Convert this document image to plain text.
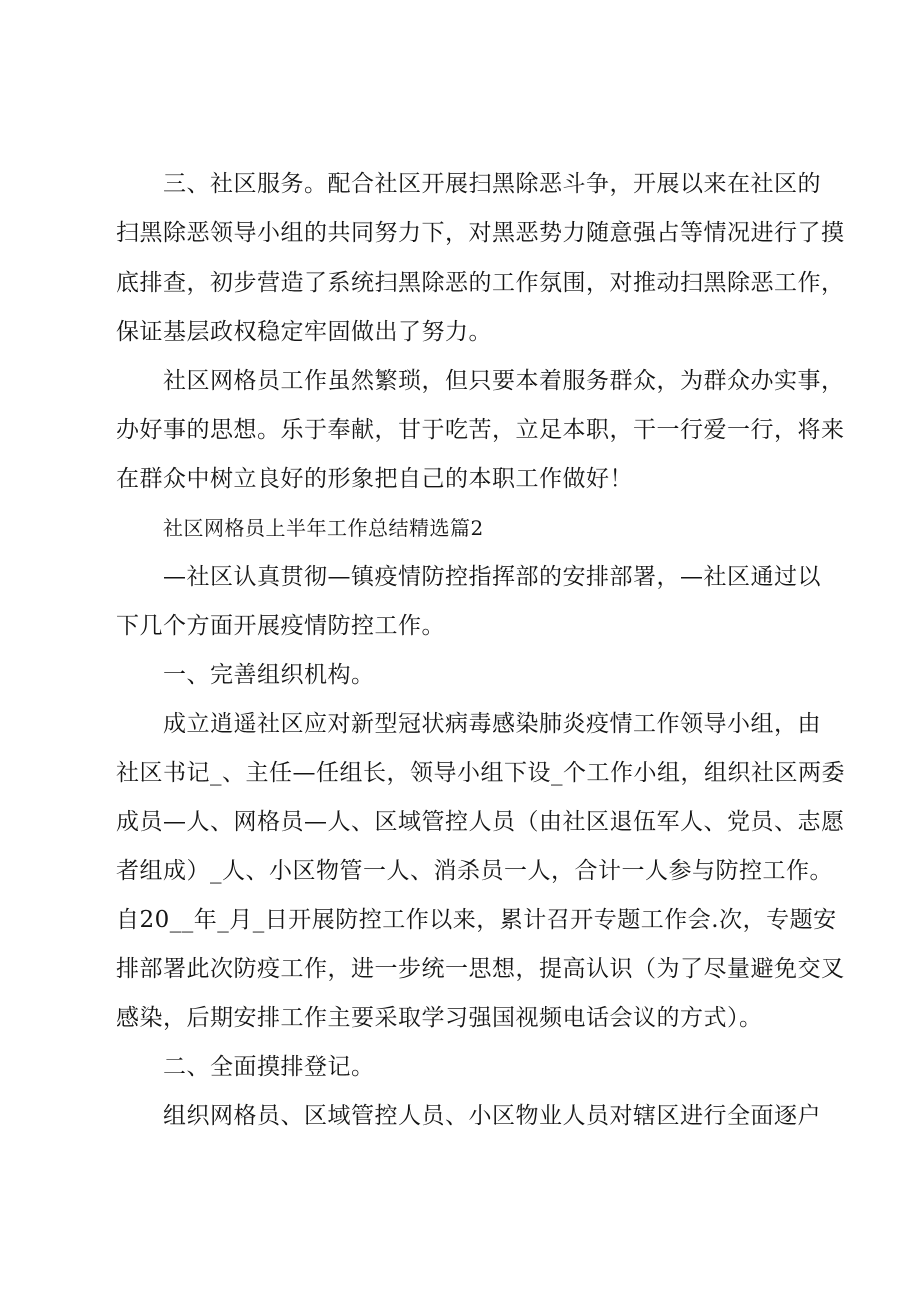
三、社区服务。配合社区开展扫黑除恶斗争，开展以来在社区的
扫黑除恶领导小组的共同努力下，对黑恶势力随意强占等情况进行了摸
底排查，初步营造了系统扫黑除恶的工作氛围，对推动扫黑除恶工作，
保证基层政权稳定牢固做出了努力。
社区网格员工作虽然繁琐，但只要本着服务群众，为群众办实事，
办好事的思想。乐于奉献，甘于吃苦，立足本职，干一行爱一行，将来
在群众中树立良好的形象把自己的本职工作做好！
社区网格员上半年工作总结精选篇2
—社区认真贯彻—镇疫情防控指挥部的安排部署，—社区通过以
下几个方面开展疫情防控工作。
一、完善组织机构。
成立逍遥社区应对新型冠状病毒感染肺炎疫情工作领导小组，由
社区书记_、主任—任组长，领导小组下设_个工作小组，组织社区两委
成员—人、网格员—人、区域管控人员（由社区退伍军人、党员、志愿
者组成）_人、小区物管一人、消杀员一人，合计一人参与防控工作。
自20__年_月_日开展防控工作以来，累计召开专题工作会.次，专题安
排部署此次防疫工作，进一步统一思想，提高认识（为了尽量避免交叉
感染，后期安排工作主要采取学习强国视频电话会议的方式）。
二、全面摸排登记。
组织网格员、区域管控人员、小区物业人员对辖区进行全面逐户
